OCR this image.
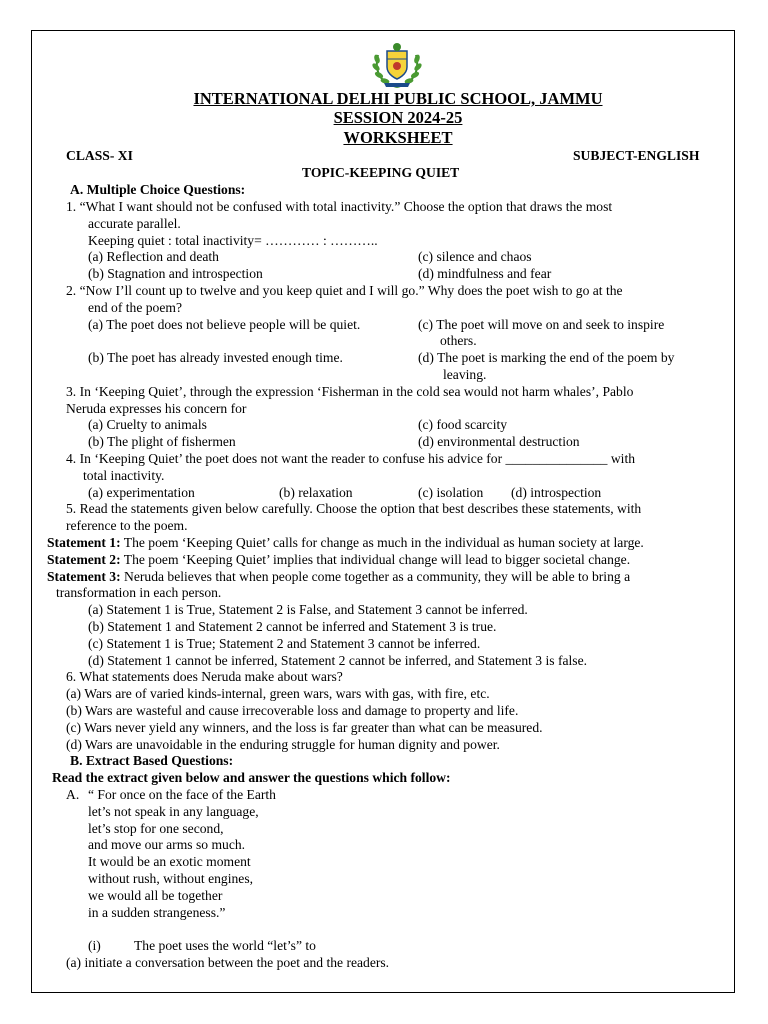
INTERNATIONAL DELHI PUBLIC SCHOOL, JAMMU
SESSION 2024-25
WORKSHEET
CLASS- XI	SUBJECT-ENGLISH
TOPIC-KEEPING QUIET
A. Multiple Choice Questions:
1. “What I want should not be confused with total inactivity.” Choose the option that draws the most
accurate parallel.
Keeping quiet : total inactivity= ………… : ………..
(a) Reflection and death	(c) silence and chaos
(b) Stagnation and introspection	(d) mindfulness and fear
2. “Now I’ll count up to twelve and you keep quiet and I will go.” Why does the poet wish to go at the
end of the poem?
(a) The poet does not believe people will be quiet.	(c) The poet will move on and seek to inspire
others.
(b) The poet has already invested enough time.	(d) The poet is marking the end of the poem by
leaving.
3. In ‘Keeping Quiet’, through the expression ‘Fisherman in the cold sea would not harm whales’, Pablo
Neruda expresses his concern for
(a) Cruelty to animals	(c) food scarcity
(b) The plight of fishermen	(d) environmental destruction
4. In ‘Keeping Quiet’ the poet does not want the reader to confuse his advice for _______________ with
total inactivity.
(a) experimentation	(b) relaxation	(c) isolation (d) introspection
5. Read the statements given below carefully. Choose the option that best describes these statements, with
reference to the poem.
Statement 1: The poem ‘Keeping Quiet’ calls for change as much in the individual as human society at large.
Statement 2: The poem ‘Keeping Quiet’ implies that individual change will lead to bigger societal change.
Statement 3: Neruda believes that when people come together as a community, they will be able to bring a
transformation in each person.
(a) Statement 1 is True, Statement 2 is False, and Statement 3 cannot be inferred.
(b) Statement 1 and Statement 2 cannot be inferred and Statement 3 is true.
(c) Statement 1 is True; Statement 2 and Statement 3 cannot be inferred.
(d) Statement 1 cannot be inferred, Statement 2 cannot be inferred, and Statement 3 is false.
6. What statements does Neruda make about wars?
(a) Wars are of varied kinds-internal, green wars, wars with gas, with fire, etc.
(b) Wars are wasteful and cause irrecoverable loss and damage to property and life.
(c) Wars never yield any winners, and the loss is far greater than what can be measured.
(d) Wars are unavoidable in the enduring struggle for human dignity and power.
B. Extract Based Questions:
Read the extract given below and answer the questions which follow:
A. “ For once on the face of the Earth
let’s not speak in any language,
let’s stop for one second,
and move our arms so much.
It would be an exotic moment
without rush, without engines,
we would all be together
in a sudden strangeness.”
(i) The poet uses the world “let’s” to
(a) initiate a conversation between the poet and the readers.
